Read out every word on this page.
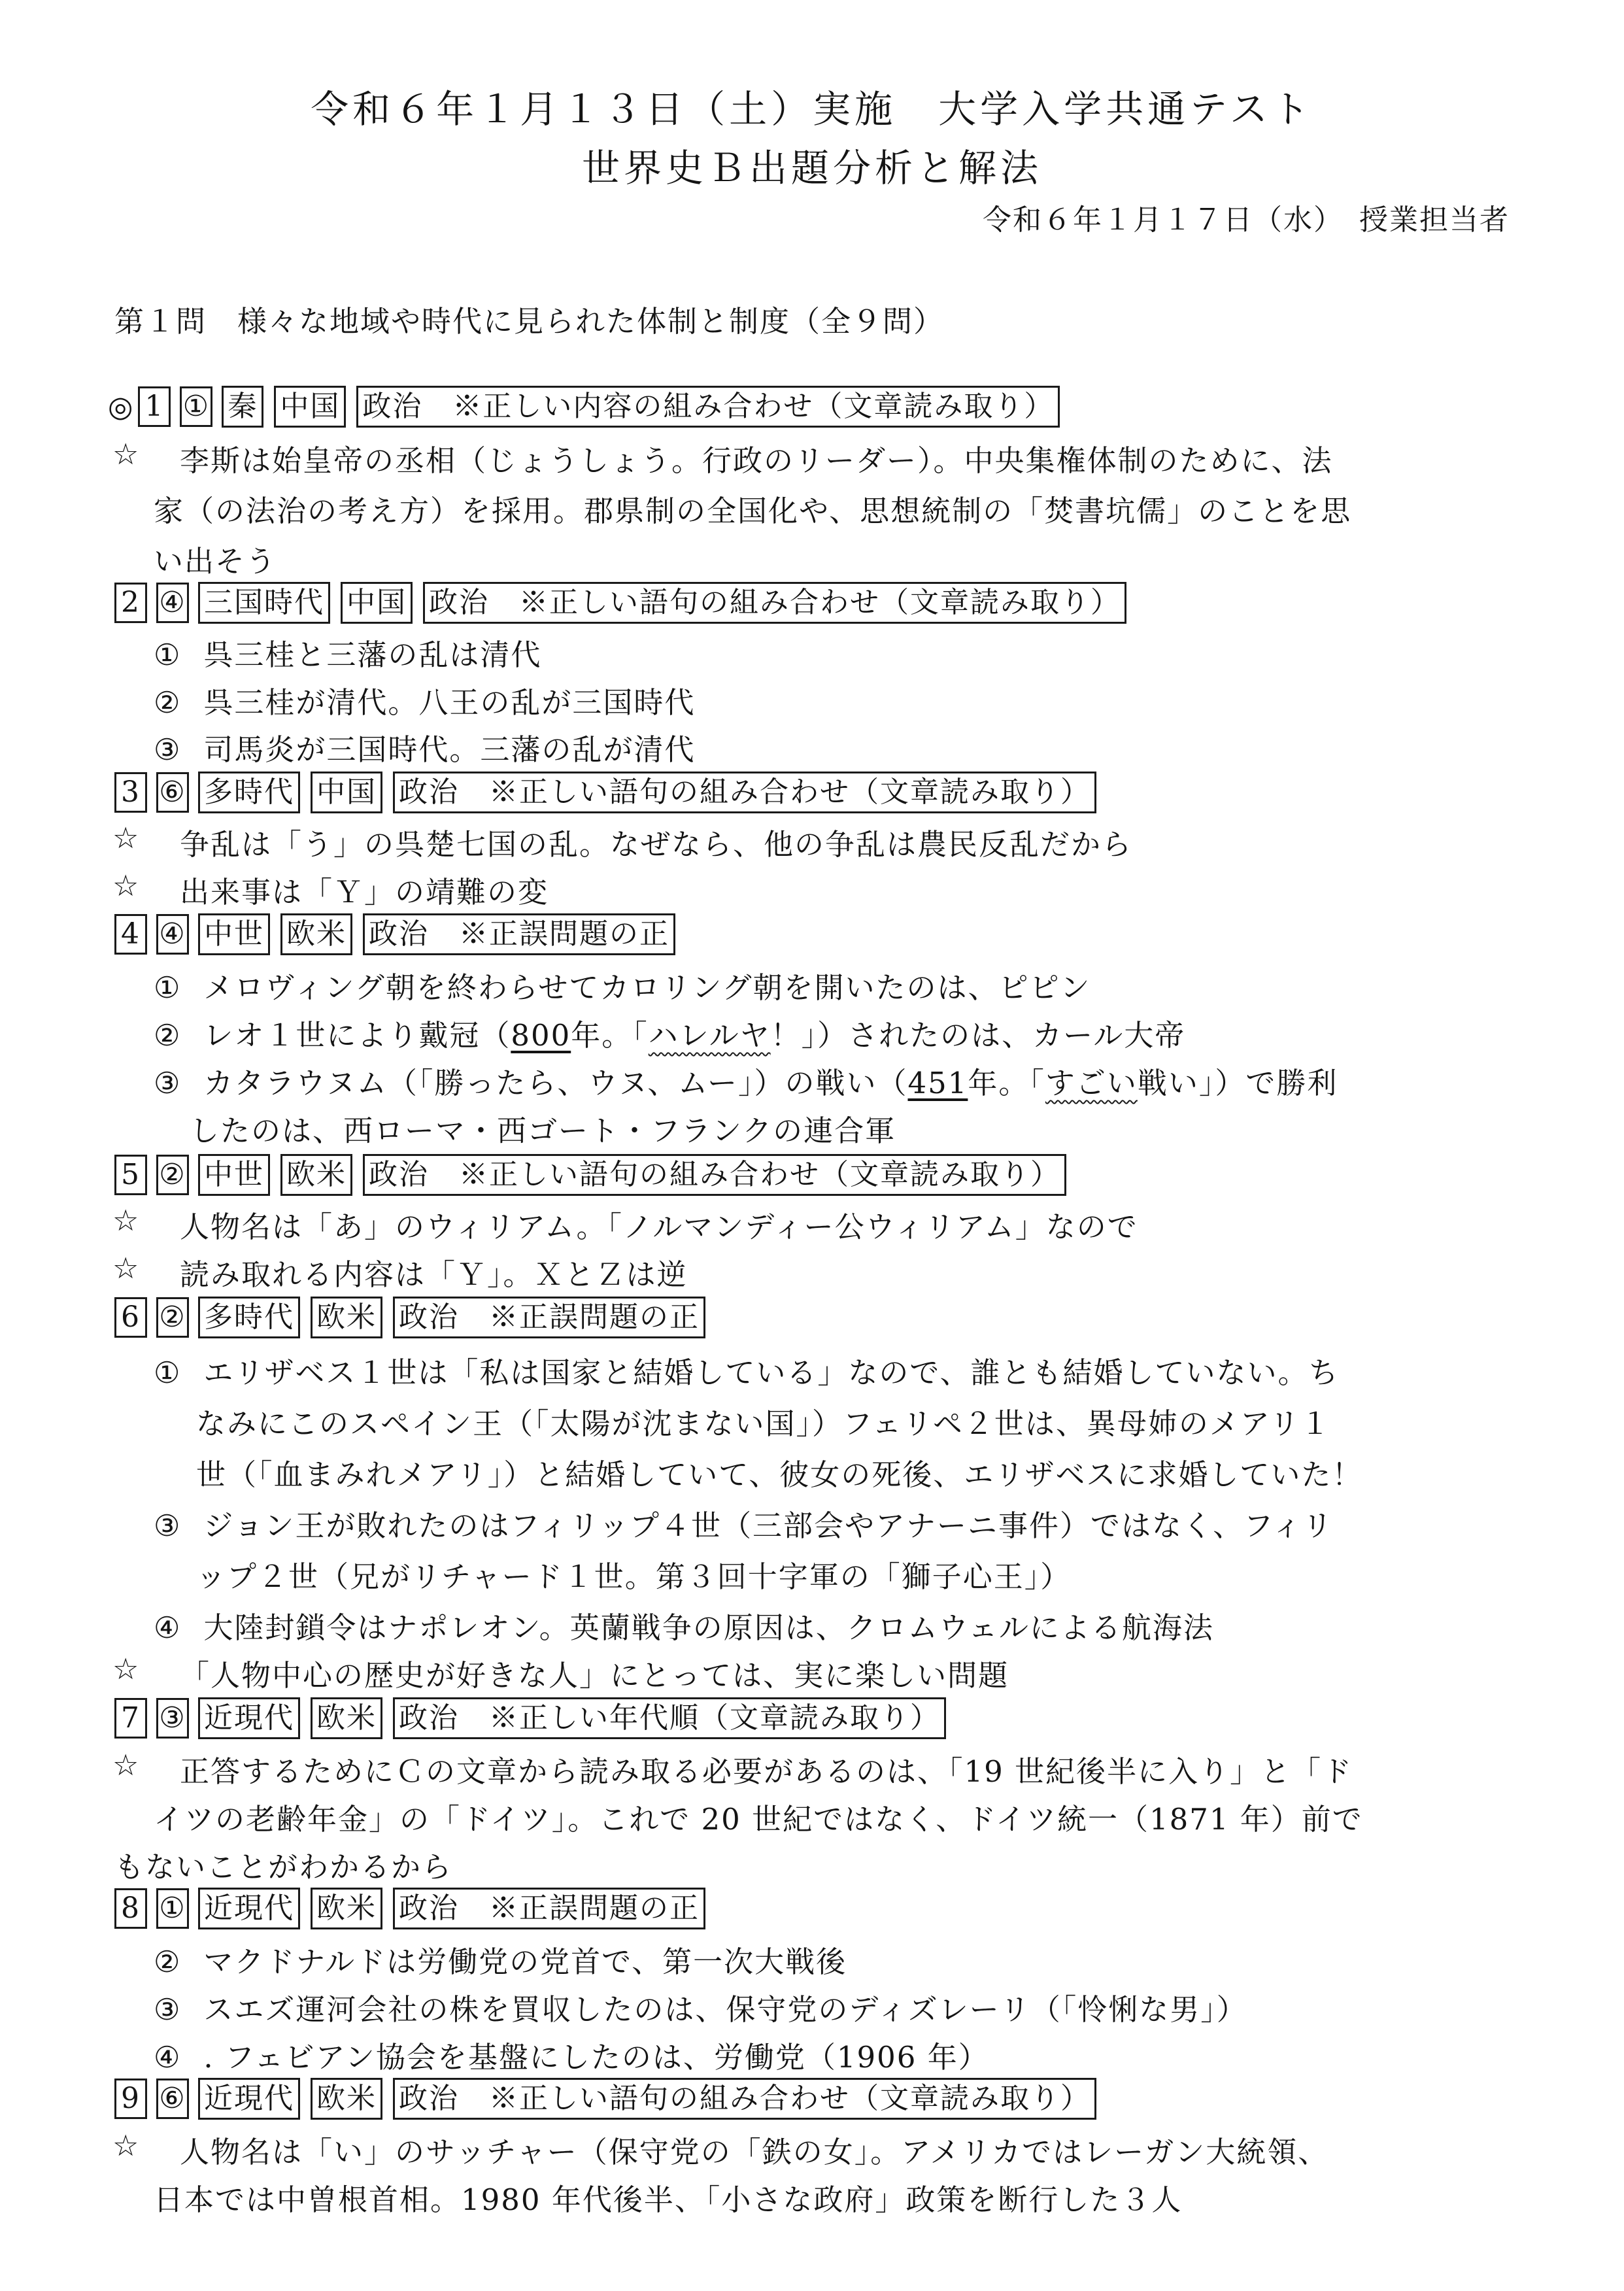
令和６年１月１３日（土）実施　大学入学共通テスト
世界史Ｂ出題分析と解法
令和６年１月１７日（水）　授業担当者
第１問　様々な地域や時代に見られた体制と制度（全９問）
◎ 1 ① 秦 中国 政治　※正しい内容の組み合わせ（文章読み取り）
☆ 李斯は始皇帝の丞相（じょうしょう。行政のリーダー）。中央集権体制のために、法
家（の法治の考え方）を採用。郡県制の全国化や、思想統制の「焚書坑儒」のことを思
い出そう
2 ④ 三国時代 中国 政治　※正しい語句の組み合わせ（文章読み取り）
① 呉三桂と三藩の乱は清代
② 呉三桂が清代。八王の乱が三国時代
③ 司馬炎が三国時代。三藩の乱が清代
3 ⑥ 多時代 中国 政治　※正しい語句の組み合わせ（文章読み取り）
☆ 争乱は「う」の呉楚七国の乱。なぜなら、他の争乱は農民反乱だから
☆ 出来事は「Ｙ」の靖難の変
4 ④ 中世 欧米 政治　※正誤問題の正
① メロヴィング朝を終わらせてカロリング朝を開いたのは、ピピン
② レオ１世により戴冠（800年。「ハレルヤ！」）されたのは、カール大帝
③ カタラウヌム（「勝ったら、ウヌ、ムー」）の戦い（451年。「すごい戦い」）で勝利
したのは、西ローマ・西ゴート・フランクの連合軍
5 ② 中世 欧米 政治　※正しい語句の組み合わせ（文章読み取り）
☆ 人物名は「あ」のウィリアム。「ノルマンディー公ウィリアム」なので
☆ 読み取れる内容は「Ｙ」。ＸとＺは逆
6 ② 多時代 欧米 政治　※正誤問題の正
① エリザベス１世は「私は国家と結婚している」なので、誰とも結婚していない。ち
なみにこのスペイン王（「太陽が沈まない国」）フェリペ２世は、異母姉のメアリ１
世（「血まみれメアリ」）と結婚していて、彼女の死後、エリザベスに求婚していた！
③ ジョン王が敗れたのはフィリップ４世（三部会やアナーニ事件）ではなく、フィリ
ップ２世（兄がリチャード１世。第３回十字軍の「獅子心王」）
④ 大陸封鎖令はナポレオン。英蘭戦争の原因は、クロムウェルによる航海法
☆ 「人物中心の歴史が好きな人」にとっては、実に楽しい問題
7 ③ 近現代 欧米 政治　※正しい年代順（文章読み取り）
☆ 正答するためにＣの文章から読み取る必要があるのは、「19 世紀後半に入り」と「ド
イツの老齢年金」の「ドイツ」。これで 20 世紀ではなく、ドイツ統一（1871 年）前で
もないことがわかるから
8 ① 近現代 欧米 政治　※正誤問題の正
② マクドナルドは労働党の党首で、第一次大戦後
③ スエズ運河会社の株を買収したのは、保守党のディズレーリ（「怜悧な男」）
④ . フェビアン協会を基盤にしたのは、労働党（1906 年）
9 ⑥ 近現代 欧米 政治　※正しい語句の組み合わせ（文章読み取り）
☆ 人物名は「い」のサッチャー（保守党の「鉄の女」。アメリカではレーガン大統領、
日本では中曽根首相。1980 年代後半、「小さな政府」政策を断行した３人
